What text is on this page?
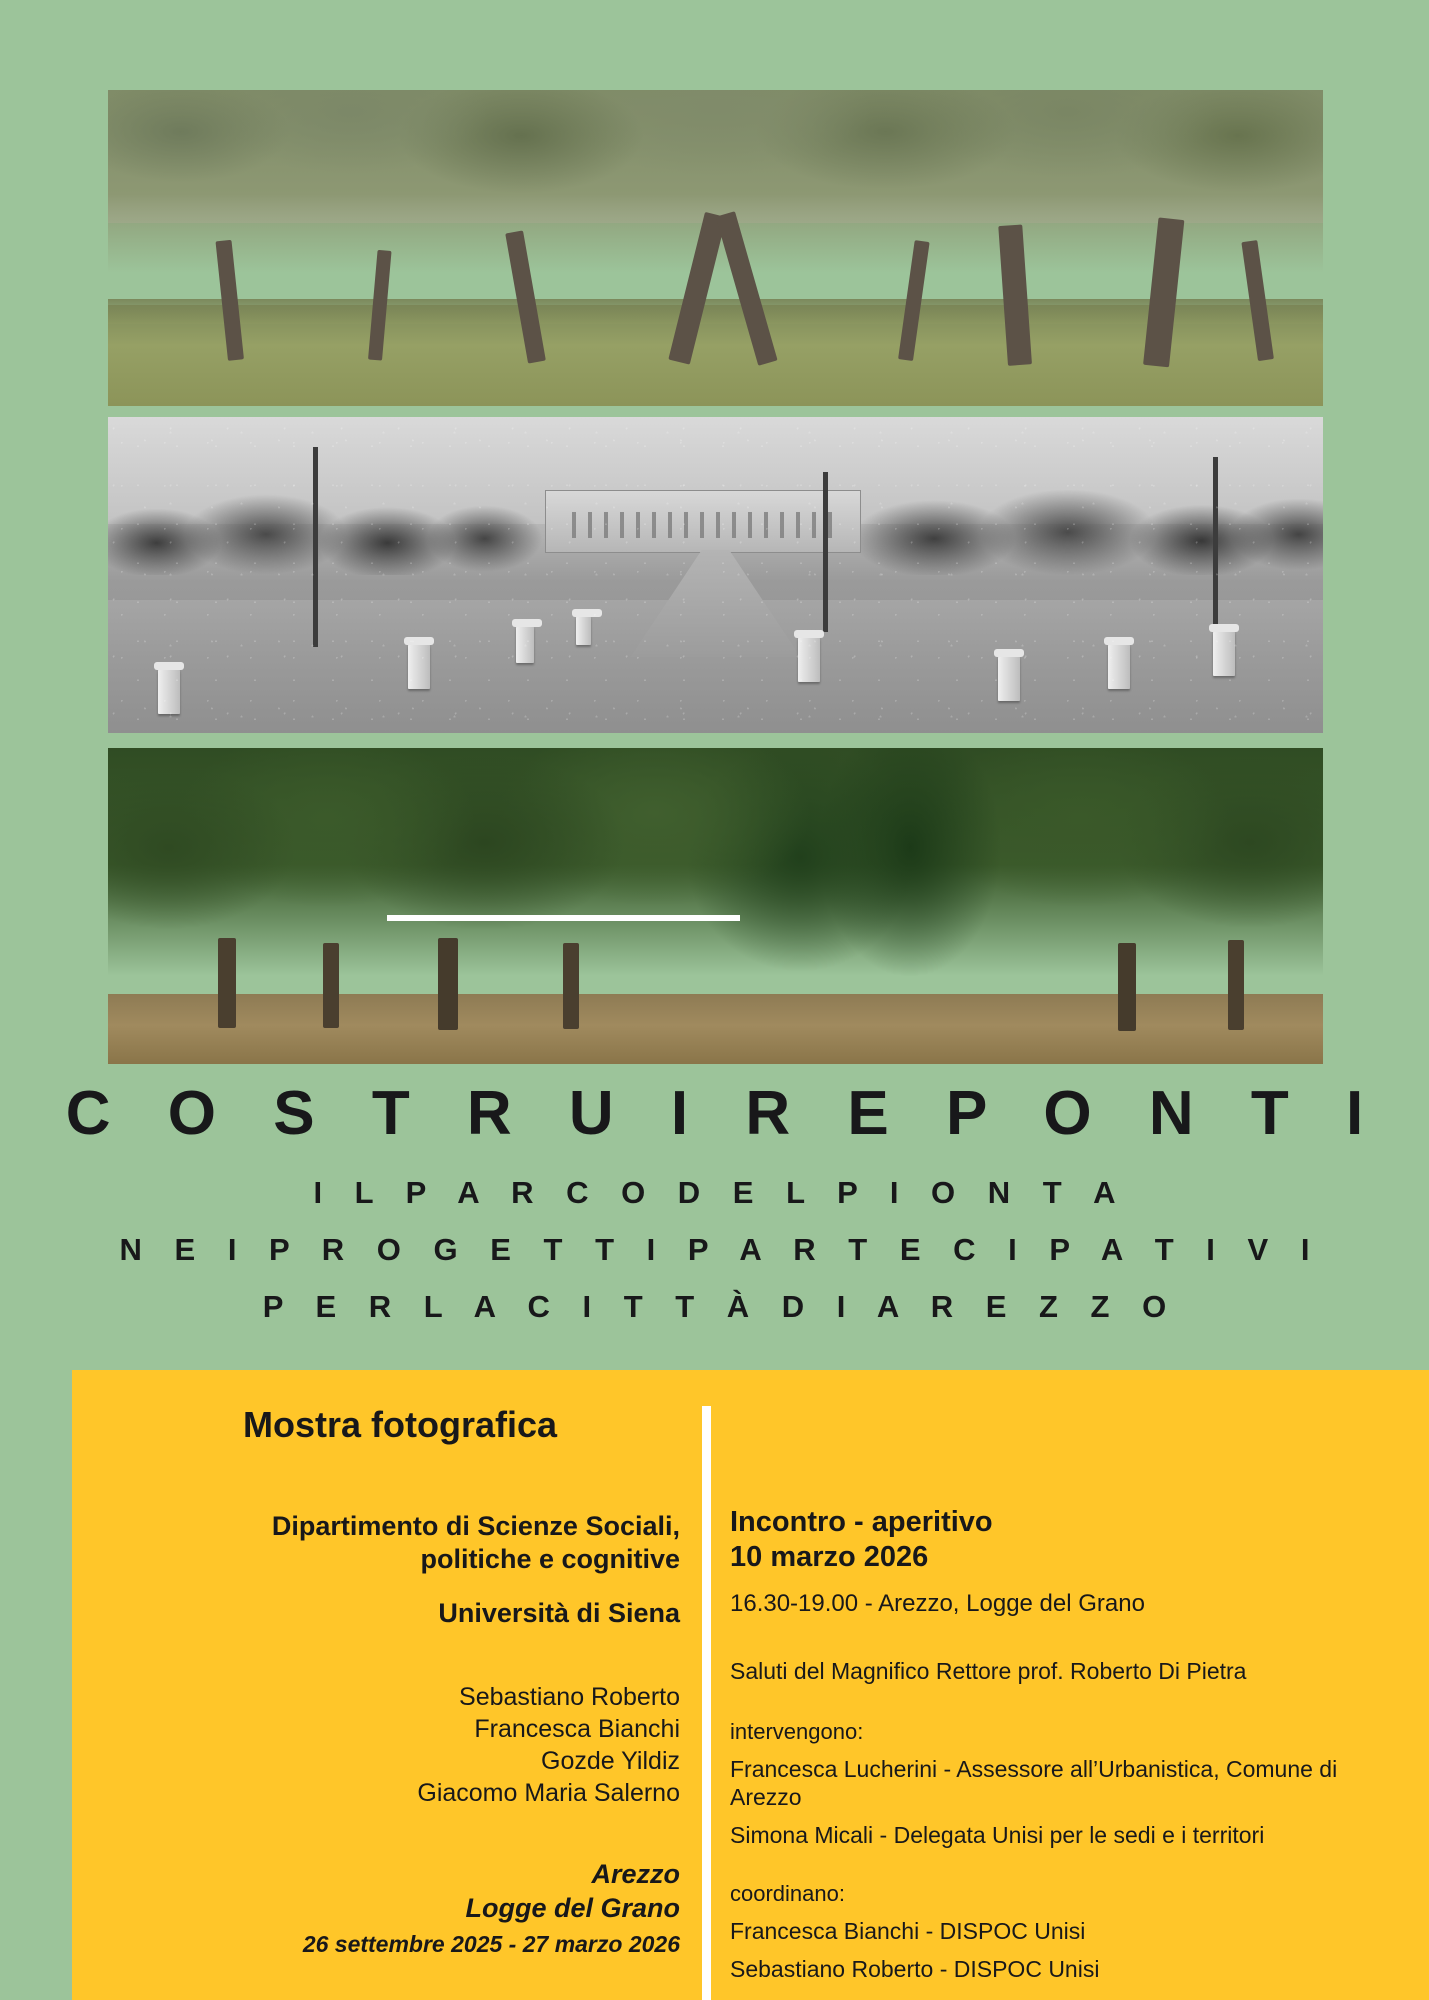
C O S T R U I R E P O N T I
I L P A R C O D E L P I O N T A
N E I P R O G E T T I P A R T E C I P A T I V I
P E R L A C I T T À D I A R E Z Z O
Mostra fotografica
Dipartimento di Scienze Sociali,
politiche e cognitive
Università di Siena
Sebastiano Roberto
Francesca Bianchi
Gozde Yildiz
Giacomo Maria Salerno
Arezzo
Logge del Grano
26 settembre 2025 - 27 marzo 2026
Incontro - aperitivo
10 marzo 2026
16.30-19.00 - Arezzo, Logge del Grano
Saluti del Magnifico Rettore prof. Roberto Di Pietra
intervengono:
Francesca Lucherini - Assessore all’Urbanistica, Comune di Arezzo
Simona Micali - Delegata Unisi per le sedi e i territori
coordinano:
Francesca Bianchi - DISPOC Unisi
Sebastiano Roberto - DISPOC Unisi
